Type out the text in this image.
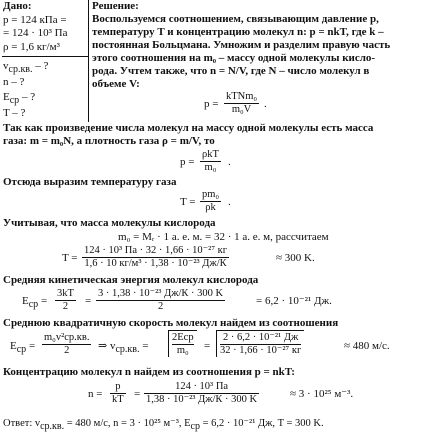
Дано:
p = 124 кПа =
= 124 · 10³ Па
ρ = 1,6 кг/м³
$v_{ср.кв.}$ – ?
n – ?
$E_{ср}$ – ?
T – ?
Решение:
Воспользуемся соотношением, связывающим давление p,
температуру T и концентрацию молекул n: p = nkT, где k –
постоянная Больцмана. Умножим и разделим правую часть
этого соотношения на m₀ – массу одной молекулы кисло-
рода. Учтем также, что n = N/V, где N – число молекул в
объеме V:
p =
kTNm₀
m₀V	.
Так как произведение числа молекул на массу одной молекулы есть масса
газа: m = m₀N, а плотность газа ρ = m/V, то
p =
ρkT
m₀	.
Отсюда выразим температуру газа
$T = \frac{\text{pm₀}}{\rho k}$ .
Учитывая, что масса молекулы кислорода
m₀ = Mᵣ · 1 а. е. м. = 32 · 1 а. е. м, рассчитаем
T =
124 · 10³ Па · 32 · 1,66 · 10⁻²⁷ кг
1,6 · 10 кг/м³ · 1,38 · 10⁻²³ Дж/К	≈ 300 K.
Средняя кинетическая энергия молекул кислорода
$E_{ср} = \frac{3kT}{2}$ =
3 · 1,38 · 10⁻²³ Дж/К · 300 K
2	= 6,2 · 10⁻²¹ Дж.
Среднюю квадратичную скорость молекул найдем из соотношения
$E_{ср}$ =
m₀v²ср.кв.
2	⇒ $v_{ср.кв.}$ =
2Eср
m₀	=
2 · 6,2 · 10⁻²¹ Дж
32 · 1,66 · 10⁻²⁷ кг	≈ 480 м/с.
Концентрацию молекул n найдем из соотношения p = nkT:
$n = \frac{p}{kT}$ =
124 · 10³ Па
1,38 · 10⁻²³ Дж/К · 300 K	≈ 3 · 10²⁵ м⁻³.
Ответ: $v_{ср.кв.} = 480$ м/с, n = 3 · 10²⁵ м⁻³, $E_{ср} = 6,2 \cdot 10^{-21}$ Дж, T = 300 K.
